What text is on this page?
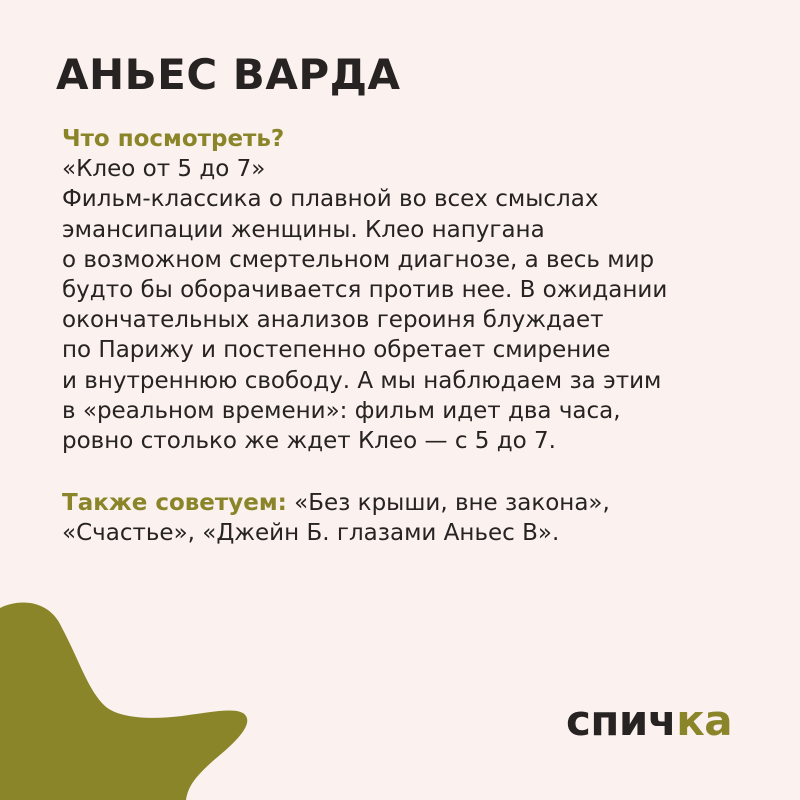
АНЬЕС ВАРДА
Что посмотреть?
«Клео от 5 до 7»
Фильм-классика о плавной во всех смыслах
эмансипации женщины. Клео напугана
о возможном смертельном диагнозе, а весь мир
будто бы оборачивается против нее. В ожидании
окончательных анализов героиня блуждает
по Парижу и постепенно обретает смирение
и внутреннюю свободу. А мы наблюдаем за этим
в «реальном времени»: фильм идет два часа,
ровно столько же ждет Клео — с 5 до 7.
Также советуем: «Без крыши, вне закона»,
«Счастье», «Джейн Б. глазами Аньес В».
спичка
